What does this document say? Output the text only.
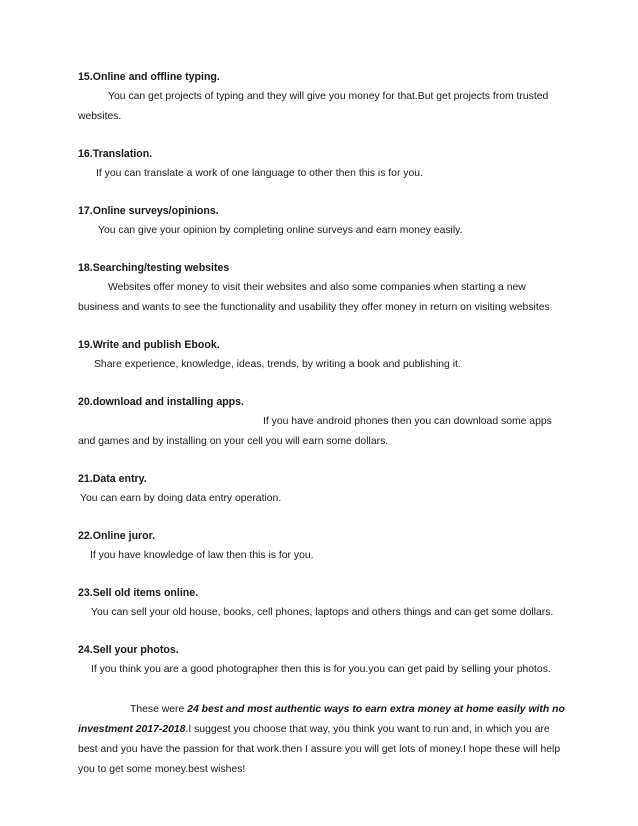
15.Online and offline typing.

You can get projects of typing and they will give you money for that.But get projects from trusted websites.

16.Translation.

If you can translate a work of one language to other then this is for you.

17.Online surveys/opinions.

You can give your opinion by completing online surveys and earn money easily.

18.Searching/testing websites

Websites offer money to visit their websites and also some companies when starting a new business and wants to see the functionality and usability they offer money in return on visiting websites

19.Write and publish Ebook.

Share experience, knowledge, ideas, trends, by writing a book and publishing it.

20.download and installing apps.

If you have android phones then you can download some apps
and games and by installing on your cell you will earn some dollars.

21.Data entry.

You can earn by doing data entry operation.

22.Online juror.

If you have knowledge of law then this is for you.

23.Sell old items online.

You can sell your old house, books, cell phones, laptops and others things and can get some dollars.

24.Sell your photos.

If you think you are a good photographer then this is for you.you can get paid by selling your photos.

These were 24 best and most authentic ways to earn extra money at home easily with no investment 2017-2018.I suggest you choose that way, you think you want to run and, in which you are best and you have the passion for that work.then I assure you will get lots of money.I hope these will help you to get some money.best wishes!
